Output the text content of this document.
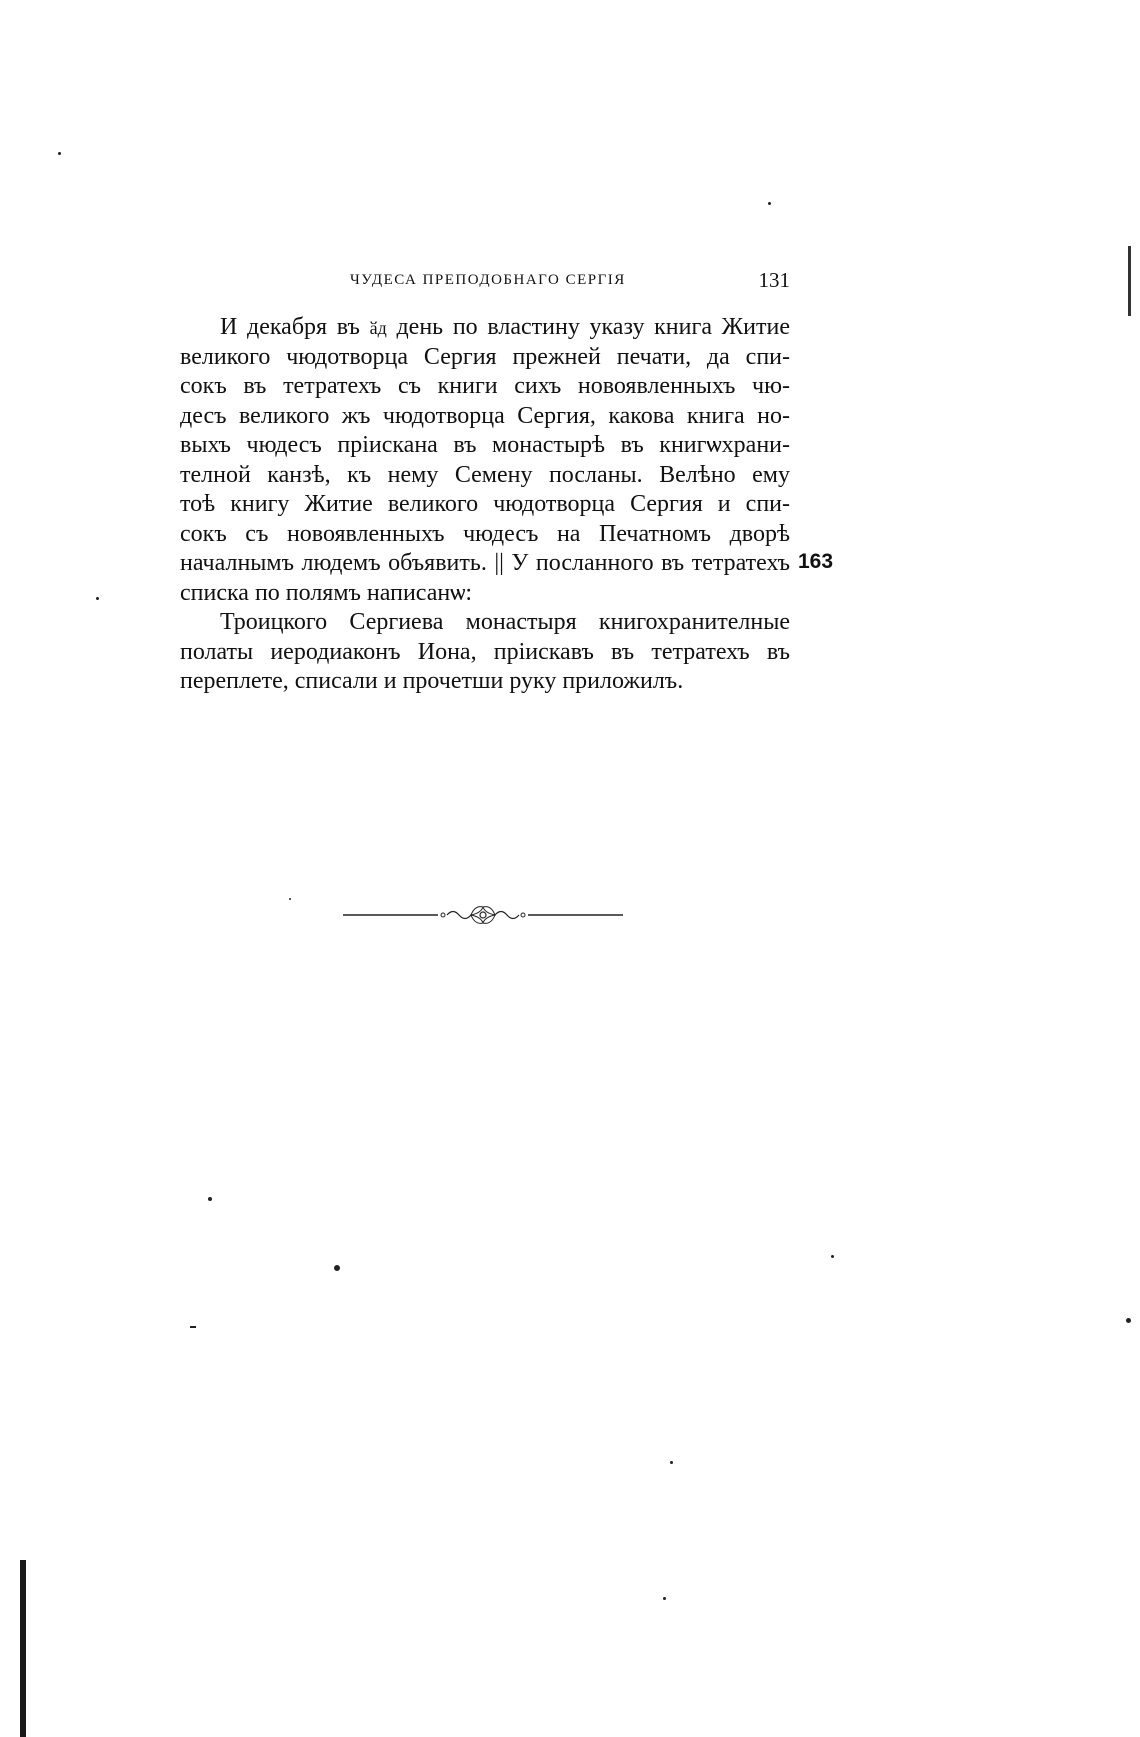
ЧУДЕСА ПРЕПОДОБНАГО СЕРГІЯ	131
И декабря въ ӑд день по властину указу книга Житие
великого чюдотворца Сергия прежней печати, да спи-
сокъ въ тетратехъ съ книги сихъ новоявленныхъ чю-
десъ великого жъ чюдотворца Сергия, какова книга но-
выхъ чюдесъ пріискана въ монастырѣ въ книгѡхрани-
телной канзѣ, къ нему Семену посланы. Велѣно ему
тоѣ книгу Житие великого чюдотворца Сергия и спи-
сокъ съ новоявленныхъ чюдесъ на Печатномъ дворѣ
началнымъ людемъ объявить. || У посланного въ тетратехъ
списка по полямъ написанѡ:
Троицкого Сергиева монастыря книгохранителные
полаты иеродиаконъ Иона, пріискавъ въ тетратехъ въ
переплете, списали и прочетши руку приложилъ.
163
